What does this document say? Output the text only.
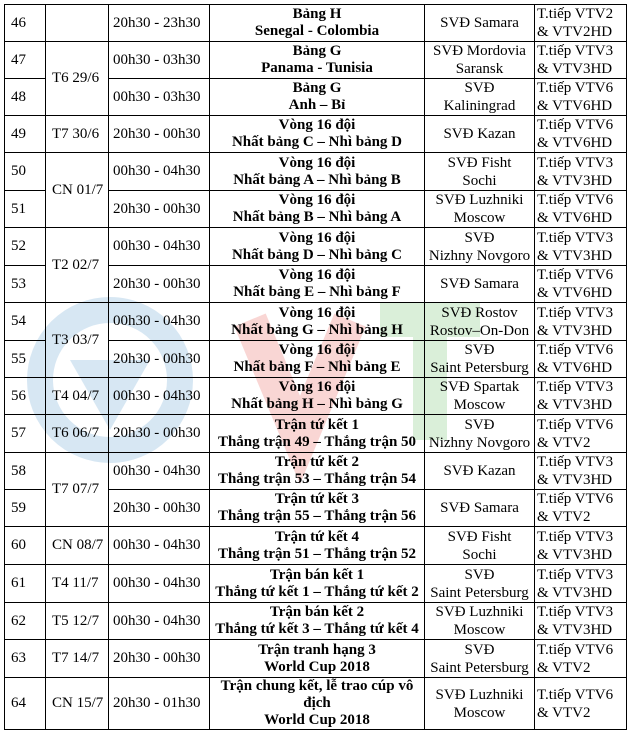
46		20h30 - 23h30	Bảng H
Senegal - Colombia	SVĐ Samara	T.tiếp VTV2
& VTV2HD

47	T6 29/6	00h30 - 03h30	Bảng G
Panama - Tunisia	SVĐ Mordovia
Saransk	T.tiếp VTV3
& VTV3HD

48		00h30 - 03h30	Bảng G
Anh – Bỉ	SVĐ
Kaliningrad	T.tiếp VTV6
& VTV6HD

49	T7 30/6	20h30 - 00h30	Vòng 16 đội
Nhất bảng C – Nhì bảng D	SVĐ Kazan	T.tiếp VTV6
& VTV6HD

50	CN 01/7	00h30 - 04h30	Vòng 16 đội
Nhất bảng A – Nhì bảng B	SVĐ Fisht
Sochi	T.tiếp VTV3
& VTV3HD

51		20h30 - 00h30	Vòng 16 đội
Nhất bảng B – Nhì bảng A	SVĐ Luzhniki
Moscow	T.tiếp VTV6
& VTV6HD

52	T2 02/7	00h30 - 04h30	Vòng 16 đội
Nhất bảng D – Nhì bảng C	SVĐ
Nizhny Novgoro	T.tiếp VTV3
& VTV3HD

53		20h30 - 00h30	Vòng 16 đội
Nhất bảng E – Nhì bảng F	SVĐ Samara	T.tiếp VTV6
& VTV6HD

54	T3 03/7	00h30 - 04h30	Vòng 16 đội
Nhất bảng G – Nhì bảng H	SVĐ Rostov
Rostov–On-Don	T.tiếp VTV3
& VTV3HD

55		20h30 - 00h30	Vòng 16 đội
Nhất bảng F – Nhì bảng E	SVĐ
Saint Petersburg	T.tiếp VTV6
& VTV6HD

56	T4 04/7	00h30 - 04h30	Vòng 16 đội
Nhất bảng H – Nhì bảng G	SVĐ Spartak
Moscow	T.tiếp VTV3
& VTV3HD

57	T6 06/7	20h30 - 00h30	Trận tứ kết 1
Thắng trận 49 – Thắng trận 50	SVĐ
Nizhny Novgoro	T.tiếp VTV6
& VTV2

58	T7 07/7	00h30 - 04h30	Trận tứ kết 2
Thắng trận 53 – Thắng trận 54	SVĐ Kazan	T.tiếp VTV3
& VTV3HD

59		20h30 - 00h30	Trận tứ kết 3
Thắng trận 55 – Thắng trận 56	SVĐ Samara	T.tiếp VTV6
& VTV2

60	CN 08/7	00h30 - 04h30	Trận tứ kết 4
Thắng trận 51 – Thắng trận 52	SVĐ Fisht
Sochi	T.tiếp VTV3
& VTV3HD

61	T4 11/7	00h30 - 04h30	Trận bán kết 1
Thắng tứ kết 1 – Thắng tứ kết 2	SVĐ
Saint Petersburg	T.tiếp VTV3
& VTV3HD

62	T5 12/7	00h30 - 04h30	Trận bán kết 2
Thắng tứ kết 3 – Thắng tứ kết 4	SVĐ Luzhniki
Moscow	T.tiếp VTV3
& VTV3HD

63	T7 14/7	20h30 - 00h30	Trận tranh hạng 3
World Cup 2018	SVĐ
Saint Petersburg	T.tiếp VTV6
& VTV2

64	CN 15/7	20h30 - 01h30	Trận chung kết, lễ trao cúp vô
địch
World Cup 2018	SVĐ Luzhniki
Moscow	T.tiếp VTV6
& VTV2
